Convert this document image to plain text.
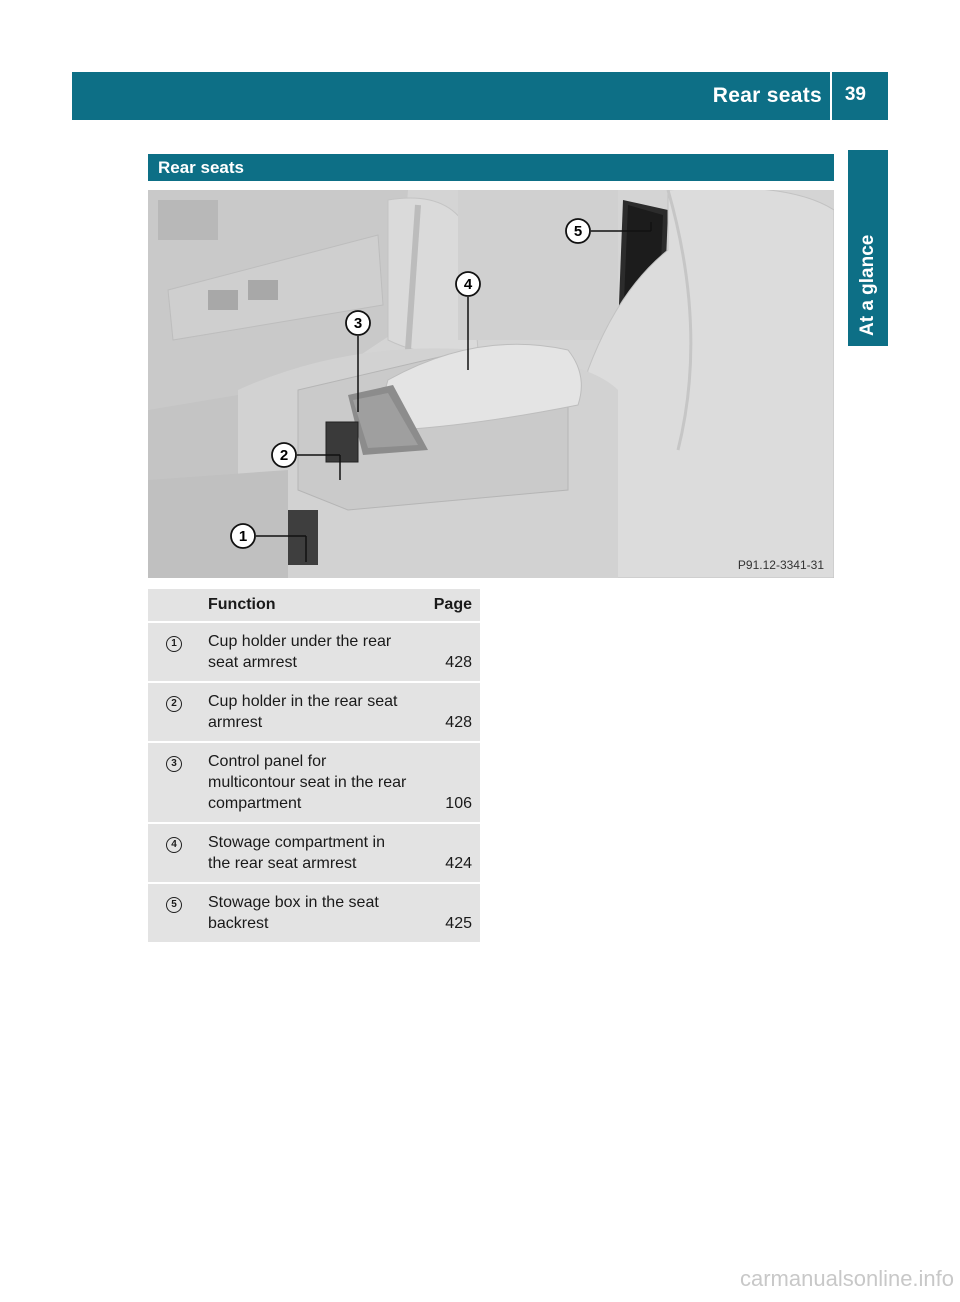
Rear seats 39
At a glance
Rear seats
1
2
3
4
5
P91.12-3341-31
	Function	Page
1	Cup holder under the rear seat armrest	428
2	Cup holder in the rear seat armrest	428
3	Control panel for multicontour seat in the rear compartment	106
4	Stowage compartment in the rear seat armrest	424
5	Stowage box in the seat backrest	425
carmanualsonline.info
